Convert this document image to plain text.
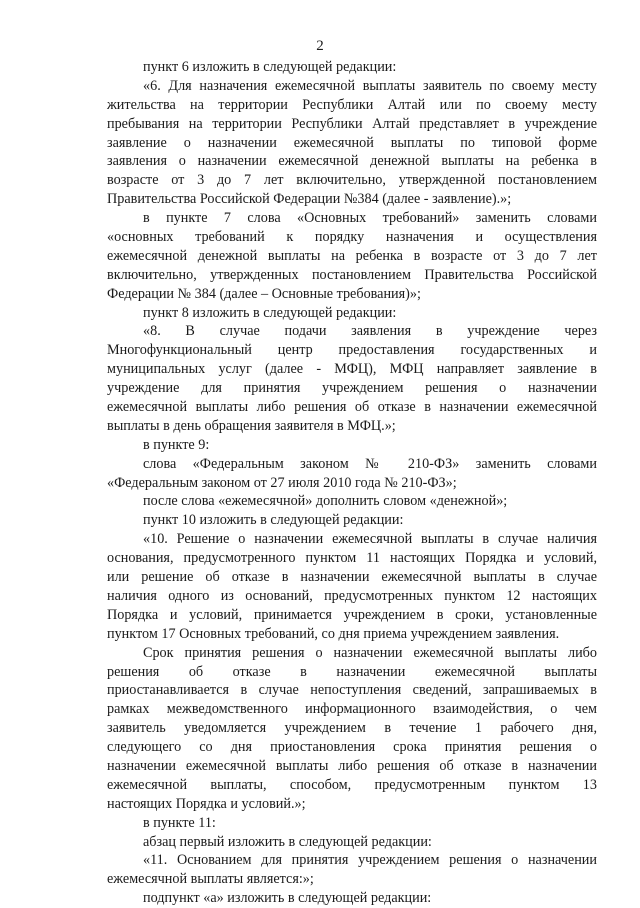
2
пункт 6 изложить в следующей редакции:
«6. Для назначения ежемесячной выплаты заявитель по своему месту
жительства на территории Республики Алтай или по своему месту
пребывания на территории Республики Алтай представляет в учреждение
заявление о назначении ежемесячной выплаты по типовой форме
заявления о назначении ежемесячной денежной выплаты на ребенка в
возрасте от 3 до 7 лет включительно, утвержденной постановлением
Правительства Российской Федерации №384 (далее - заявление).»;
в пункте 7 слова «Основных требований» заменить словами
«основных требований к порядку назначения и осуществления
ежемесячной денежной выплаты на ребенка в возрасте от 3 до 7 лет
включительно, утвержденных постановлением Правительства Российской
Федерации № 384 (далее – Основные требования)»;
пункт 8 изложить в следующей редакции:
«8. В случае подачи заявления в учреждение через
Многофункциональный центр предоставления государственных и
муниципальных услуг (далее - МФЦ), МФЦ направляет заявление в
учреждение для принятия учреждением решения о назначении
ежемесячной выплаты либо решения об отказе в назначении ежемесячной
выплаты в день обращения заявителя в МФЦ.»;
в пункте 9:
слова «Федеральным законом № 210-ФЗ» заменить словами
«Федеральным законом от 27 июля 2010 года № 210-ФЗ»;
после слова «ежемесячной» дополнить словом «денежной»;
пункт 10 изложить в следующей редакции:
«10. Решение о назначении ежемесячной выплаты в случае наличия
основания, предусмотренного пунктом 11 настоящих Порядка и условий,
или решение об отказе в назначении ежемесячной выплаты в случае
наличия одного из оснований, предусмотренных пунктом 12 настоящих
Порядка и условий, принимается учреждением в сроки, установленные
пунктом 17 Основных требований, со дня приема учреждением заявления.
Срок принятия решения о назначении ежемесячной выплаты либо
решения об отказе в назначении ежемесячной выплаты
приостанавливается в случае непоступления сведений, запрашиваемых в
рамках межведомственного информационного взаимодействия, о чем
заявитель уведомляется учреждением в течение 1 рабочего дня,
следующего со дня приостановления срока принятия решения о
назначении ежемесячной выплаты либо решения об отказе в назначении
ежемесячной выплаты, способом, предусмотренным пунктом 13
настоящих Порядка и условий.»;
в пункте 11:
абзац первый изложить в следующей редакции:
«11. Основанием для принятия учреждением решения о назначении
ежемесячной выплаты является:»;
подпункт «а» изложить в следующей редакции:
